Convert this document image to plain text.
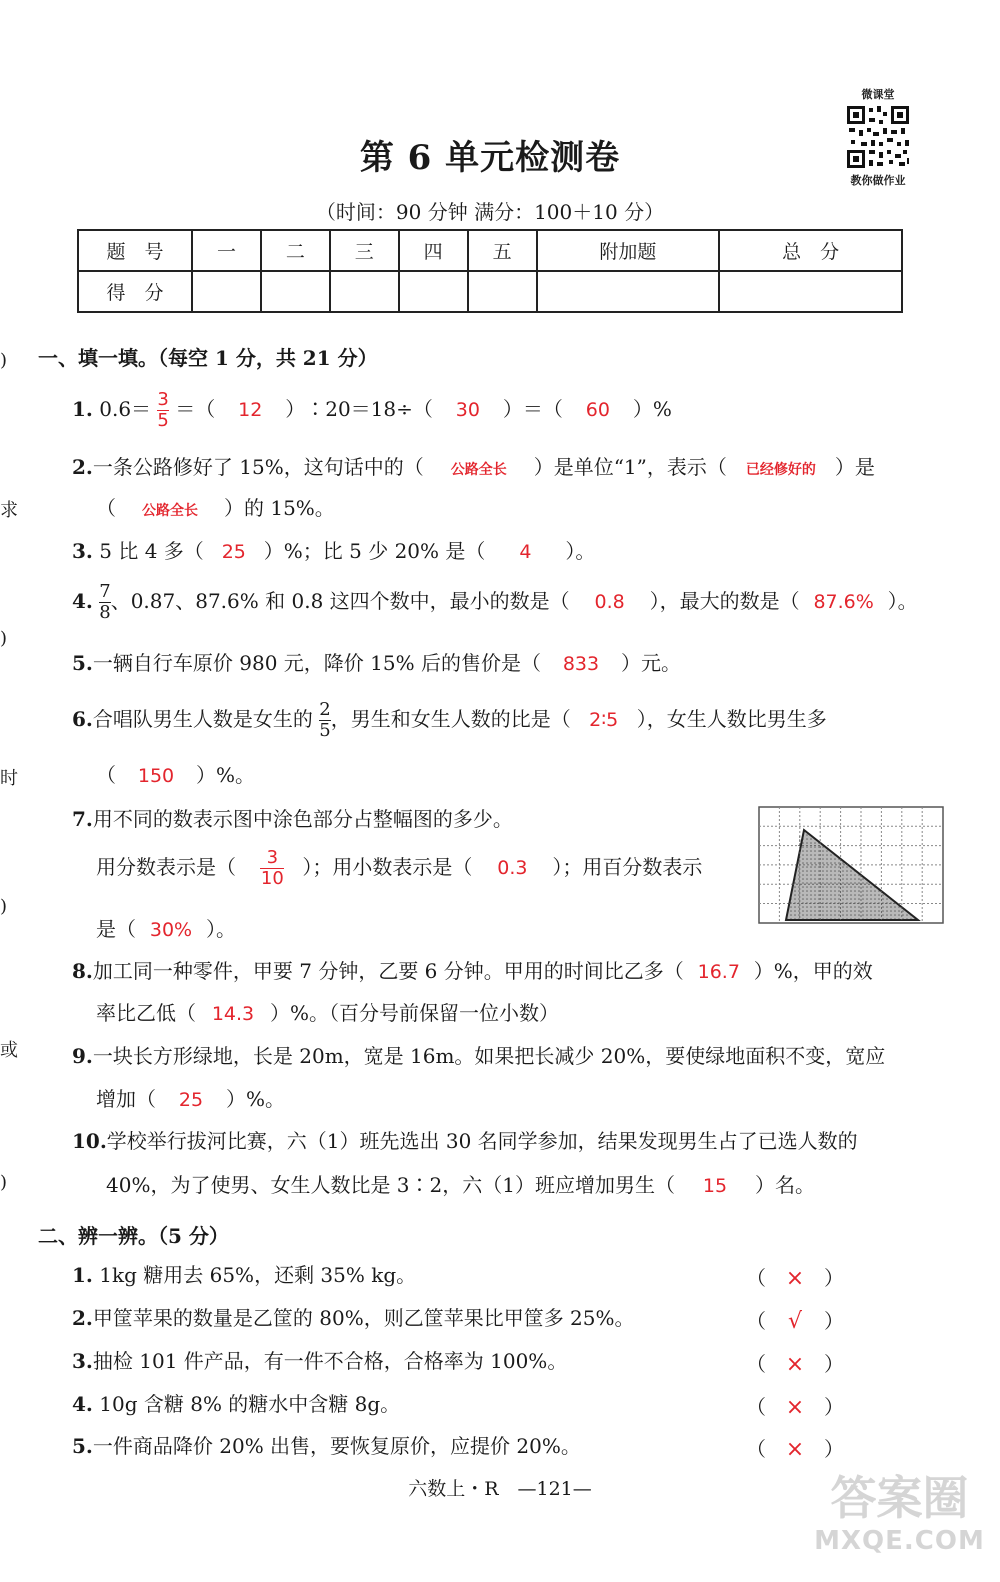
微课堂
教你做作业
第 6 单元检测卷
（时间：90 分钟 满分：100＋10 分）
题　号	一	二	三	四	五	附加题	总　分
得　分							
)
求
)
时
)
或
)
一、填一填。（每空 1 分，共 21 分）
1. $0.6= \frac{3}{5}$ ＝（ 12 ）∶20＝18÷（ 30 ）＝（ 60 ）%
2.一条公路修好了 15%，这句话中的（ 公路全长 ）是单位“1”，表示（ 已经修好的 ）是
（ 公路全长 ）的 15%。
3. 5 比 4 多（ 25 ）%；比 5 少 20% 是（ 4 ）。
4. $\frac{7}{8}$ 、0.87、87.6% 和 0.8 这四个数中，最小的数是（ 0.8 ），最大的数是（ 87.6% ）。
5.一辆自行车原价 980 元，降价 15% 后的售价是（ 833 ）元。
6.合唱队男生人数是女生的 $\frac{2}{5}$ ，男生和女生人数的比是（ 2∶5 ），女生人数比男生多
（ 150 ）%。
7.用不同的数表示图中涂色部分占整幅图的多少。
用分数表示是（ $\frac{3}{10}$ ）；用小数表示是（ 0.3 ）；用百分数表示
是（ 30% ）。
8.加工同一种零件，甲要 7 分钟，乙要 6 分钟。甲用的时间比乙多（ 16.7 ）%，甲的效
率比乙低（ 14.3 ）%。（百分号前保留一位小数）
9.一块长方形绿地，长是 20m，宽是 16m。如果把长减少 20%，要使绿地面积不变，宽应
增加（ 25 ）%。
10.学校举行拔河比赛，六（1）班先选出 30 名同学参加，结果发现男生占了已选人数的
40%，为了使男、女生人数比是 3∶2，六（1）班应增加男生（ 15 ）名。
二、辨一辨。（5 分）
1. 1kg 糖用去 65%，还剩 35% kg。	（ × ）
2.甲筐苹果的数量是乙筐的 80%，则乙筐苹果比甲筐多 25%。	（ √ ）
3.抽检 101 件产品，有一件不合格，合格率为 100%。	（ × ）
4. 10g 含糖 8% 的糖水中含糖 8g。	（ × ）
5.一件商品降价 20% 出售，要恢复原价，应提价 20%。	（ × ）
六数上・R　—121—	答案圈
MXQE.COM
